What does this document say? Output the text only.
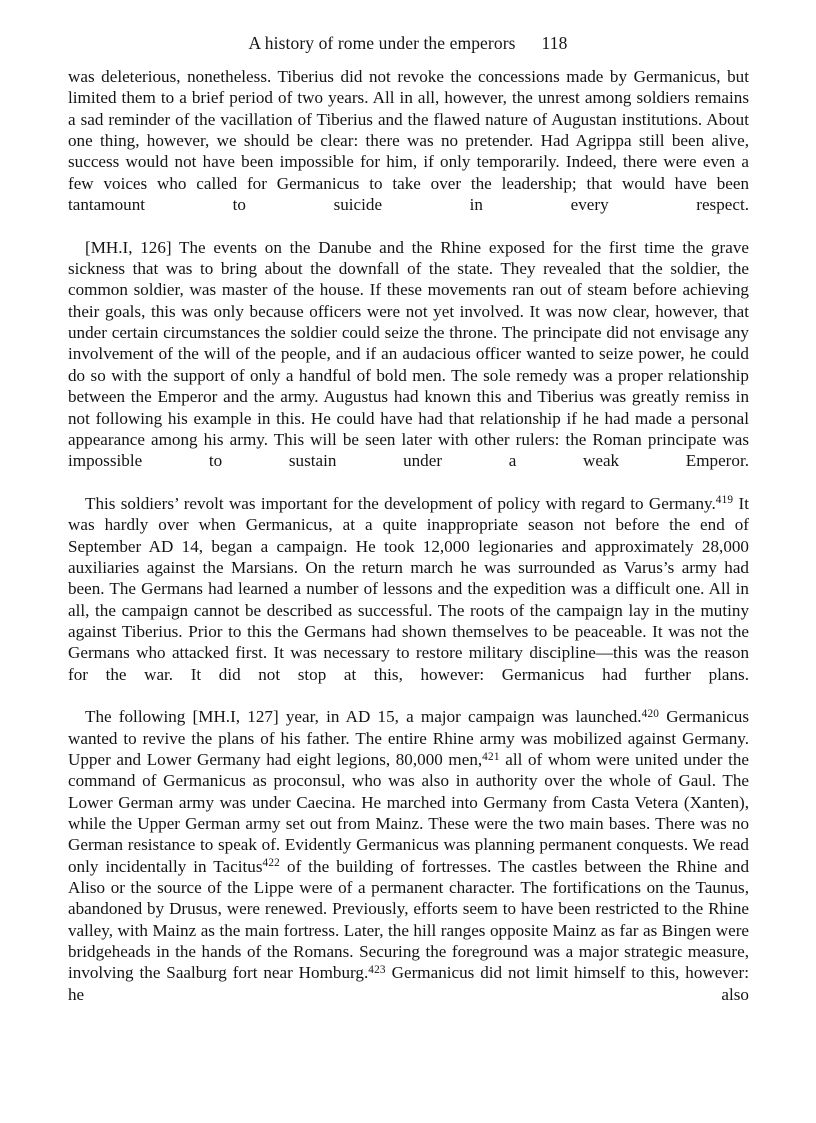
A history of rome under the emperors 118

was deleterious, nonetheless. Tiberius did not revoke the concessions made by Germanicus, but limited them to a brief period of two years. All in all, however, the unrest among soldiers remains a sad reminder of the vacillation of Tiberius and the flawed nature of Augustan institutions. About one thing, however, we should be clear: there was no pretender. Had Agrippa still been alive, success would not have been impossible for him, if only temporarily. Indeed, there were even a few voices who called for Germanicus to take over the leadership; that would have been tantamount to suicide in every respect.

[MH.I, 126] The events on the Danube and the Rhine exposed for the first time the grave sickness that was to bring about the downfall of the state. They revealed that the soldier, the common soldier, was master of the house. If these movements ran out of steam before achieving their goals, this was only because officers were not yet involved. It was now clear, however, that under certain circumstances the soldier could seize the throne. The principate did not envisage any involvement of the will of the people, and if an audacious officer wanted to seize power, he could do so with the support of only a handful of bold men. The sole remedy was a proper relationship between the Emperor and the army. Augustus had known this and Tiberius was greatly remiss in not following his example in this. He could have had that relationship if he had made a personal appearance among his army. This will be seen later with other rulers: the Roman principate was impossible to sustain under a weak Emperor.

This soldiers’ revolt was important for the development of policy with regard to Germany.$^{419}$ It was hardly over when Germanicus, at a quite inappropriate season not before the end of September AD 14, began a campaign. He took 12,000 legionaries and approximately 28,000 auxiliaries against the Marsians. On the return march he was surrounded as Varus’s army had been. The Germans had learned a number of lessons and the expedition was a difficult one. All in all, the campaign cannot be described as successful. The roots of the campaign lay in the mutiny against Tiberius. Prior to this the Germans had shown themselves to be peaceable. It was not the Germans who attacked first. It was necessary to restore military discipline—this was the reason for the war. It did not stop at this, however: Germanicus had further plans.

The following [MH.I, 127] year, in AD 15, a major campaign was launched.$^{420}$ Germanicus wanted to revive the plans of his father. The entire Rhine army was mobilized against Germany. Upper and Lower Germany had eight legions, 80,000 men,$^{421}$ all of whom were united under the command of Germanicus as proconsul, who was also in authority over the whole of Gaul. The Lower German army was under Caecina. He marched into Germany from Casta Vetera (Xanten), while the Upper German army set out from Mainz. These were the two main bases. There was no German resistance to speak of. Evidently Germanicus was planning permanent conquests. We read only incidentally in Tacitus$^{422}$ of the building of fortresses. The castles between the Rhine and Aliso or the source of the Lippe were of a permanent character. The fortifications on the Taunus, abandoned by Drusus, were renewed. Previously, efforts seem to have been restricted to the Rhine valley, with Mainz as the main fortress. Later, the hill ranges opposite Mainz as far as Bingen were bridgeheads in the hands of the Romans. Securing the foreground was a major strategic measure, involving the Saalburg fort near Homburg.$^{423}$ Germanicus did not limit himself to this, however: he also
